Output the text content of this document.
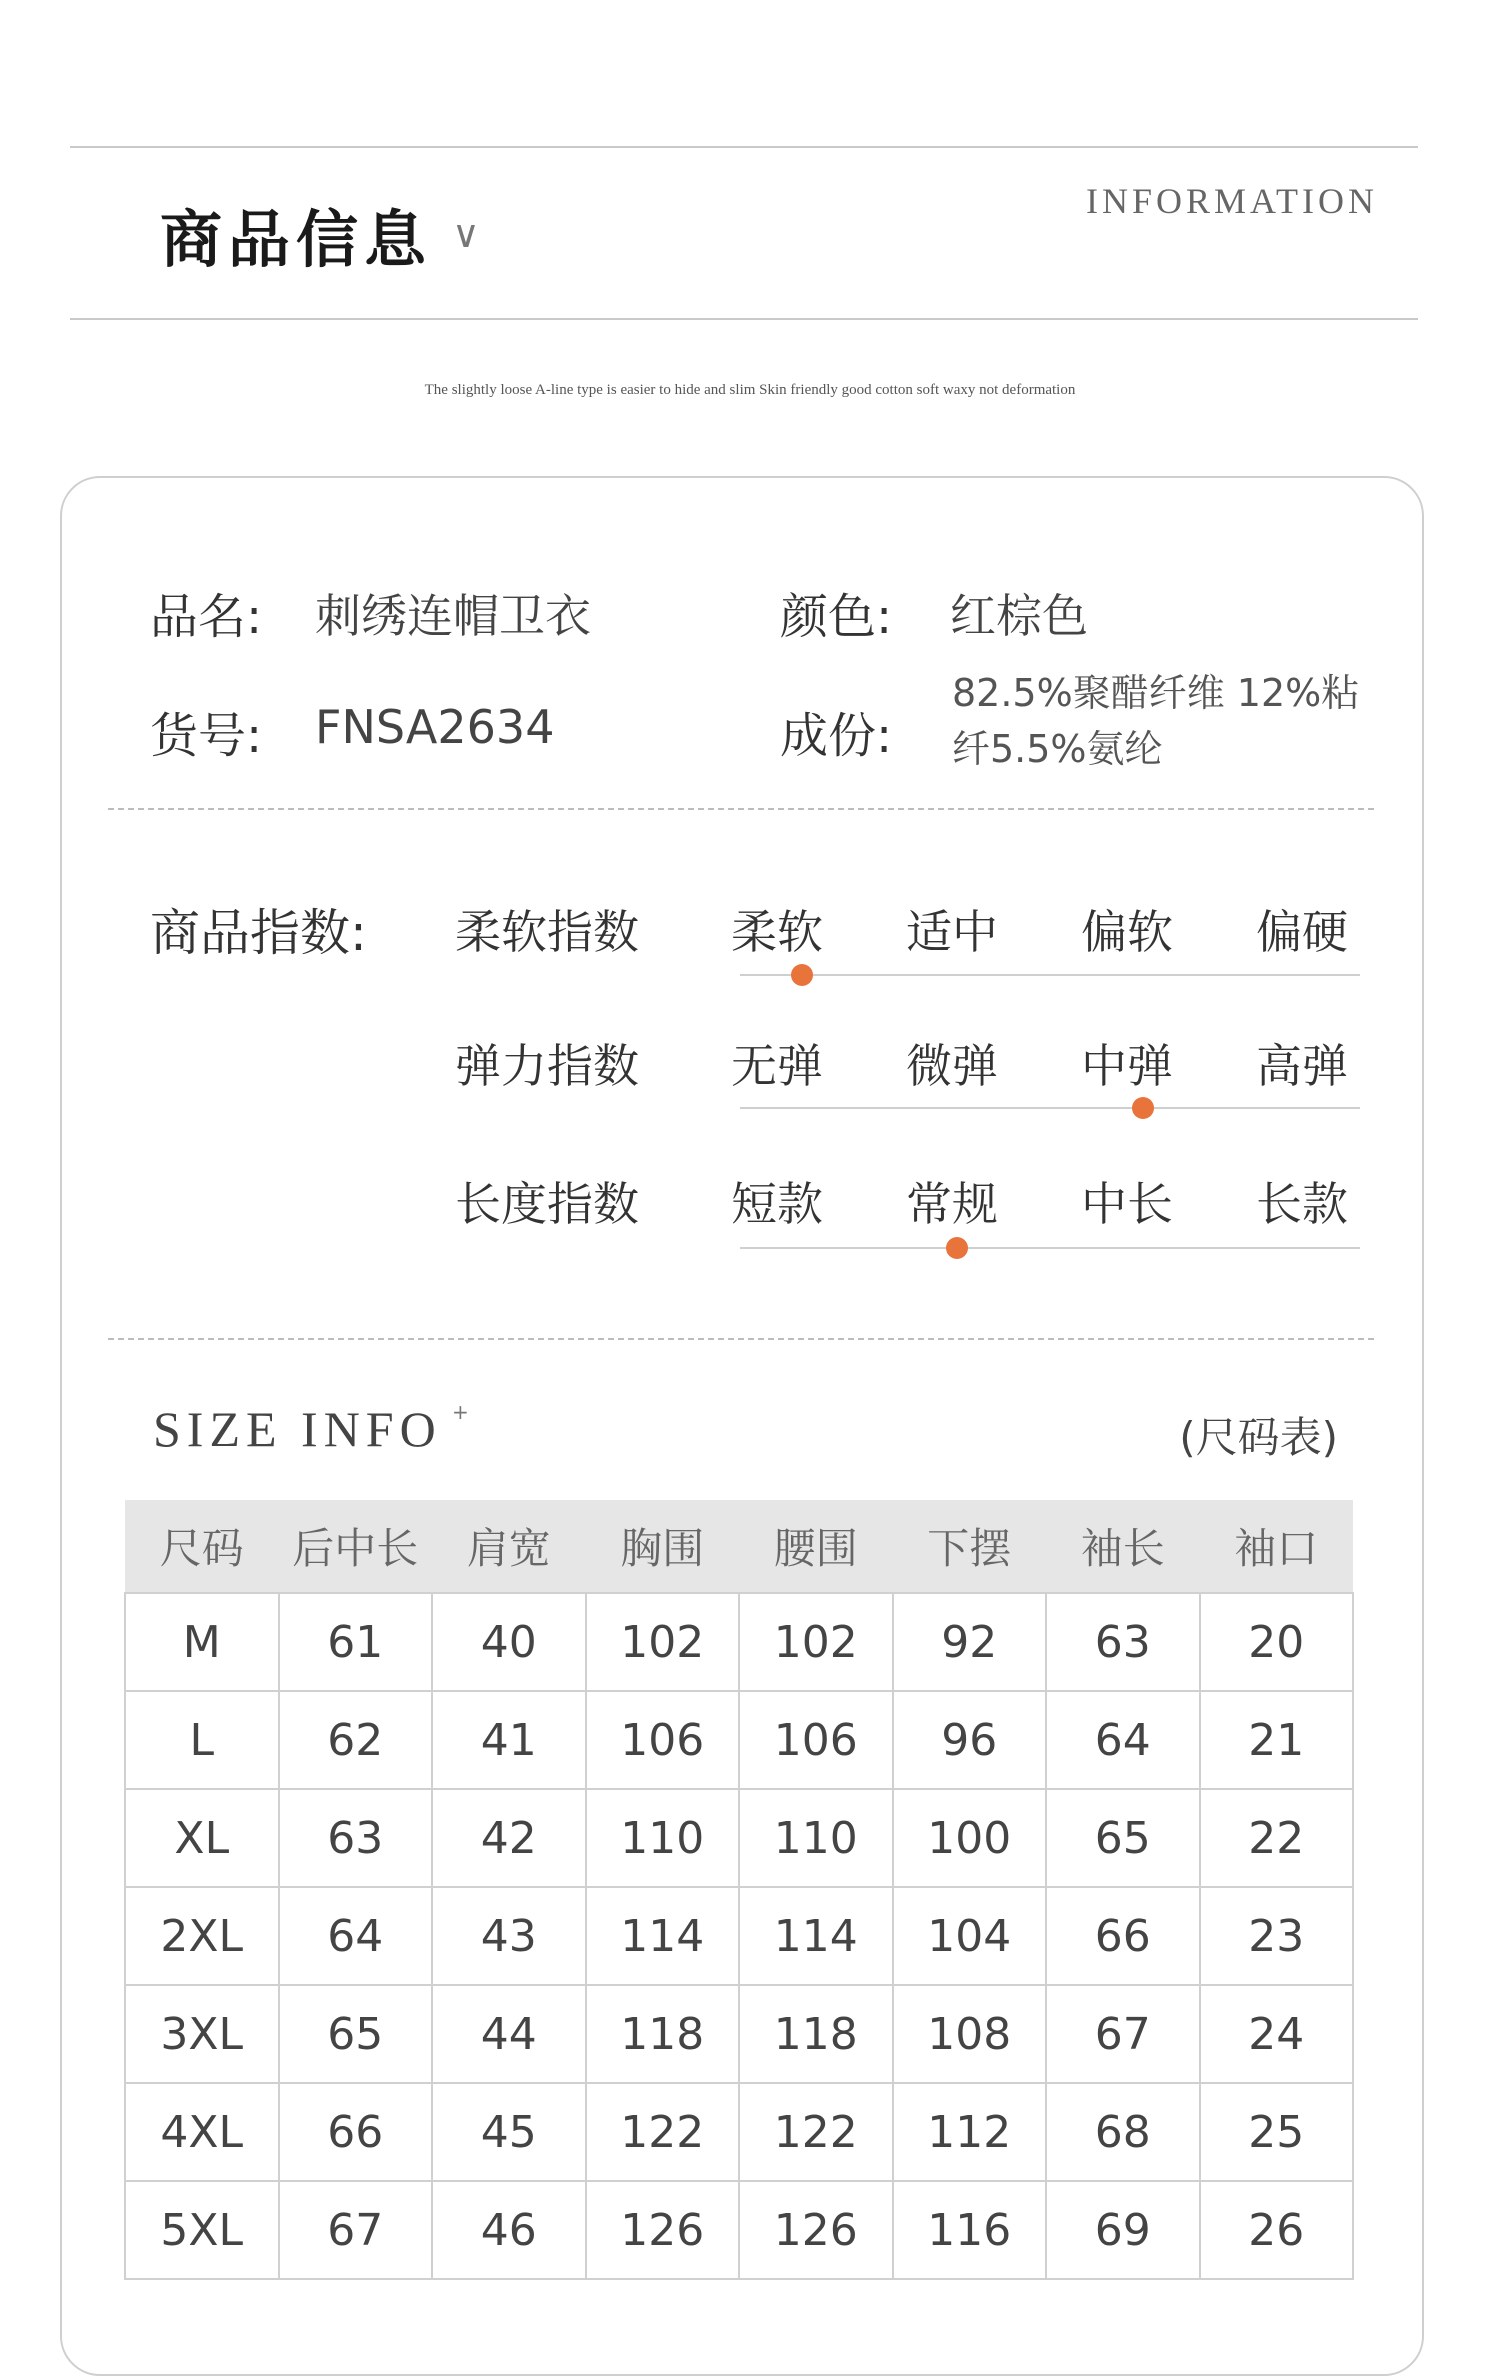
商品信息 ∨
INFORMATION
The slightly loose A-line type is easier to hide and slim Skin friendly good cotton soft waxy not deformation
品名: 刺绣连帽卫衣	颜色: 红棕色
货号: FNSA2634	成份:
82.5%聚醋纤维 12%粘纤5.5%氨纶
商品指数: 柔软指数	柔软	适中	偏软	偏硬
弹力指数	无弹	微弹	中弹	高弹
长度指数	短款	常规	中长	长款
SIZE INFO +
(尺码表)
尺码	后中长	肩宽	胸围	腰围	下摆	袖长	袖口
M	61	40	102	102	92	63	20
L	62	41	106	106	96	64	21
XL	63	42	110	110	100	65	22
2XL	64	43	114	114	104	66	23
3XL	65	44	118	118	108	67	24
4XL	66	45	122	122	112	68	25
5XL	67	46	126	126	116	69	26
